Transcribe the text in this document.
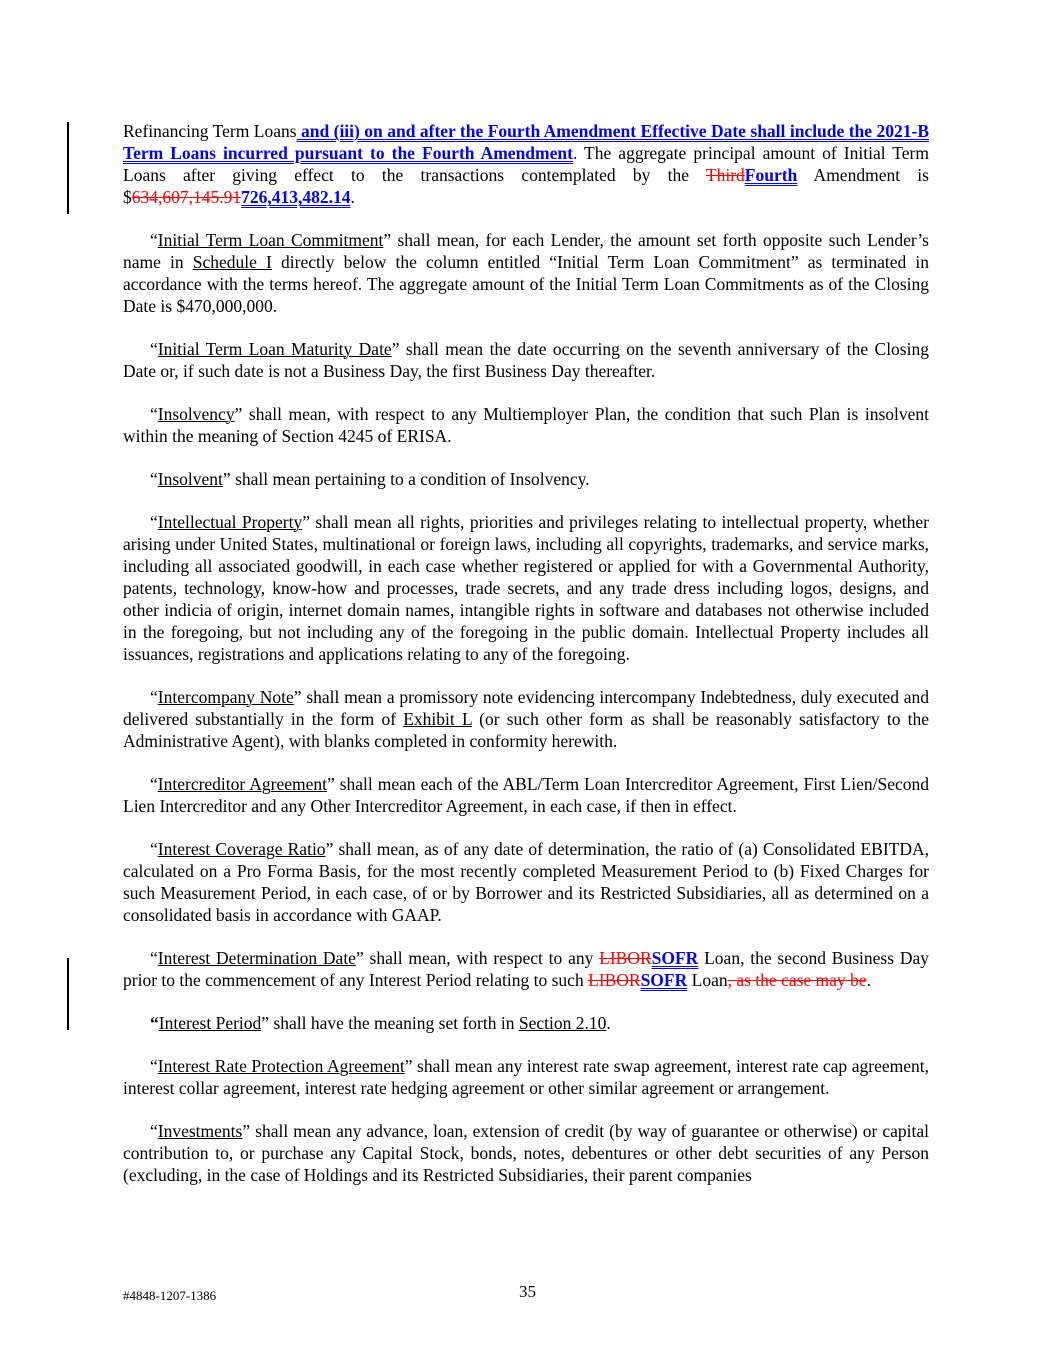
Refinancing Term Loans and (iii) on and after the Fourth Amendment Effective Date shall include the 2021-B Term Loans incurred pursuant to the Fourth Amendment. The aggregate principal amount of Initial Term Loans after giving effect to the transactions contemplated by the ThirdFourth Amendment is $634,607,145.91726,413,482.14.

“Initial Term Loan Commitment” shall mean, for each Lender, the amount set forth opposite such Lender’s name in Schedule I directly below the column entitled “Initial Term Loan Commitment” as terminated in accordance with the terms hereof. The aggregate amount of the Initial Term Loan Commitments as of the Closing Date is $470,000,000.

“Initial Term Loan Maturity Date” shall mean the date occurring on the seventh anniversary of the Closing Date or, if such date is not a Business Day, the first Business Day thereafter.

“Insolvency” shall mean, with respect to any Multiemployer Plan, the condition that such Plan is insolvent within the meaning of Section 4245 of ERISA.

“Insolvent” shall mean pertaining to a condition of Insolvency.

“Intellectual Property” shall mean all rights, priorities and privileges relating to intellectual property, whether arising under United States, multinational or foreign laws, including all copyrights, trademarks, and service marks, including all associated goodwill, in each case whether registered or applied for with a Governmental Authority, patents, technology, know-how and processes, trade secrets, and any trade dress including logos, designs, and other indicia of origin, internet domain names, intangible rights in software and databases not otherwise included in the foregoing, but not including any of the foregoing in the public domain. Intellectual Property includes all issuances, registrations and applications relating to any of the foregoing.

“Intercompany Note” shall mean a promissory note evidencing intercompany Indebtedness, duly executed and delivered substantially in the form of Exhibit L (or such other form as shall be reasonably satisfactory to the Administrative Agent), with blanks completed in conformity herewith.

“Intercreditor Agreement” shall mean each of the ABL/Term Loan Intercreditor Agreement, First Lien/Second Lien Intercreditor and any Other Intercreditor Agreement, in each case, if then in effect.

“Interest Coverage Ratio” shall mean, as of any date of determination, the ratio of (a) Consolidated EBITDA, calculated on a Pro Forma Basis, for the most recently completed Measurement Period to (b) Fixed Charges for such Measurement Period, in each case, of or by Borrower and its Restricted Subsidiaries, all as determined on a consolidated basis in accordance with GAAP.

“Interest Determination Date” shall mean, with respect to any LIBORSOFR Loan, the second Business Day prior to the commencement of any Interest Period relating to such LIBORSOFR Loan, as the case may be.

“Interest Period” shall have the meaning set forth in Section 2.10.

“Interest Rate Protection Agreement” shall mean any interest rate swap agreement, interest rate cap agreement, interest collar agreement, interest rate hedging agreement or other similar agreement or arrangement.

“Investments” shall mean any advance, loan, extension of credit (by way of guarantee or otherwise) or capital contribution to, or purchase any Capital Stock, bonds, notes, debentures or other debt securities of any Person (excluding, in the case of Holdings and its Restricted Subsidiaries, their parent companies

#4848-1207-1386	35
